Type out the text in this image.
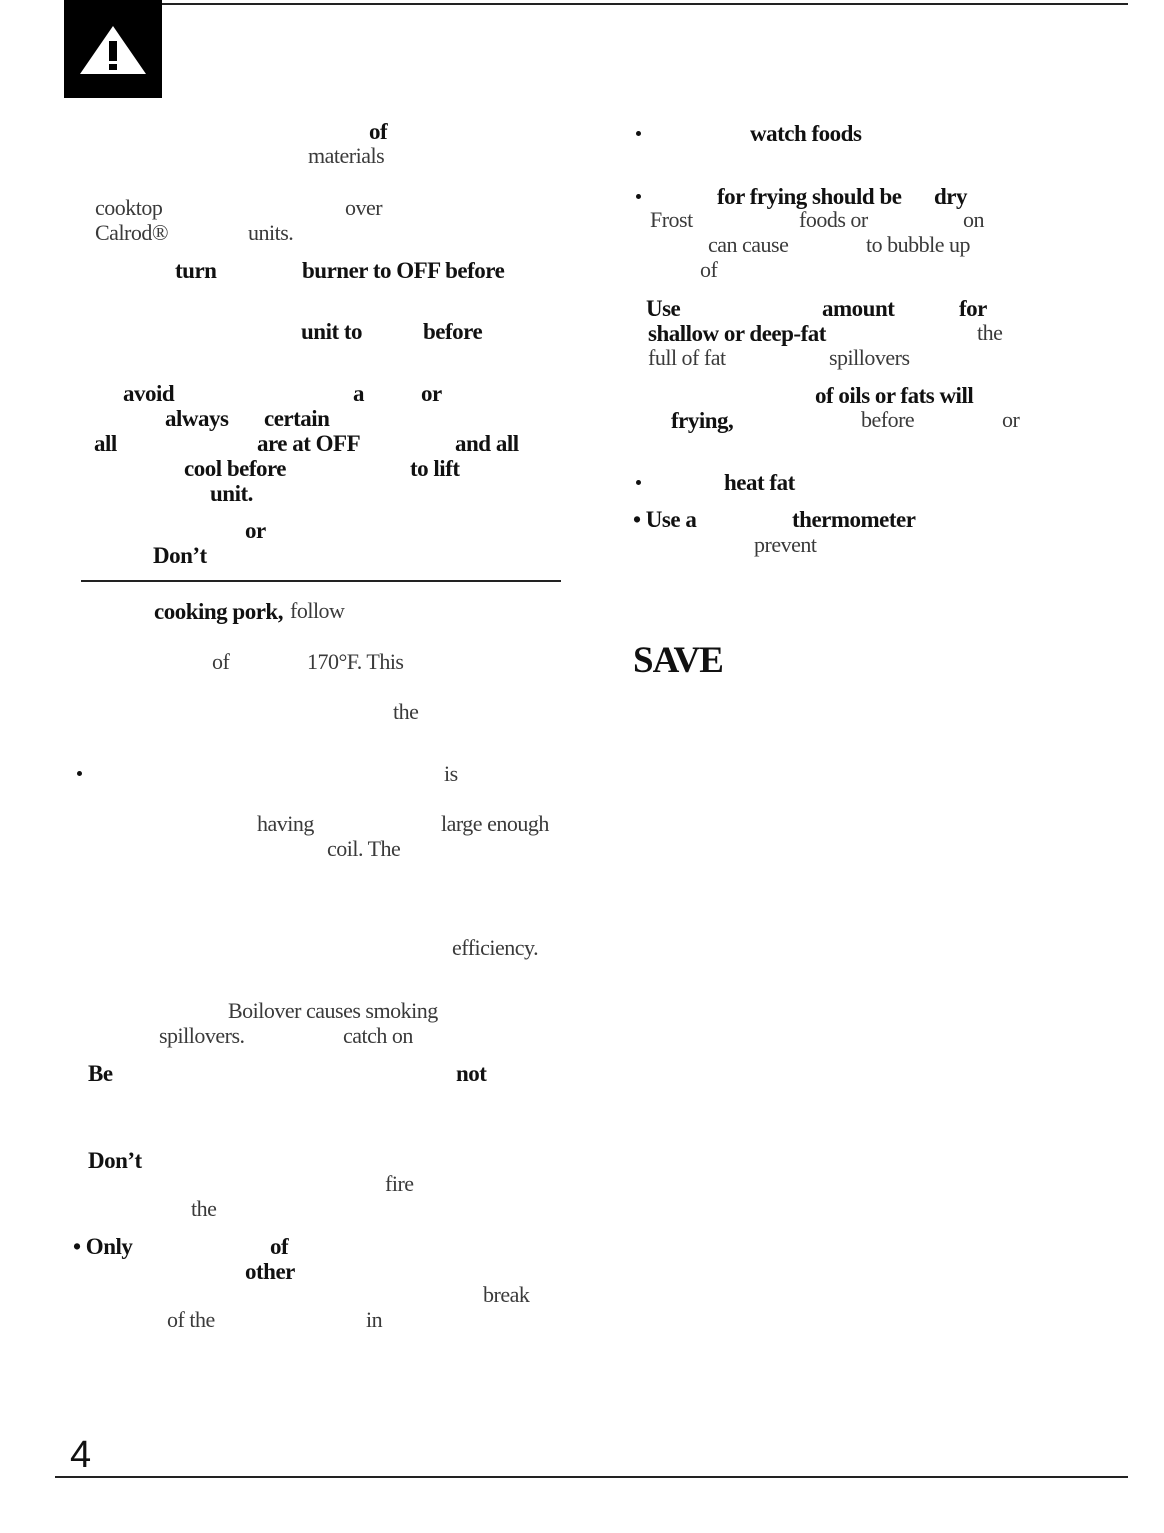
of
materials
cooktop	over
Calrod®	units.
turn	burner to OFF before
unit to	before
avoid	a or
always certain
all	are at OFF	and all
cool before	to lift
unit.
or
Don’t
cooking pork, follow
of	170°F. This
the
is
having	large enough
coil. The
efficiency.
Boilover causes smoking
spillovers.	catch on
Be	not
Don’t
fire
the
• Only	of
other
break
of the	in
watch foods
for frying should be dry
Frost	foods or	on
can cause	to bubble up
of
Use	amount	for
shallow or deep-fat	the
full of fat	spillovers
of oils or fats will
frying,	before	or
heat fat
• Use a	thermometer
prevent
SAVE
4
